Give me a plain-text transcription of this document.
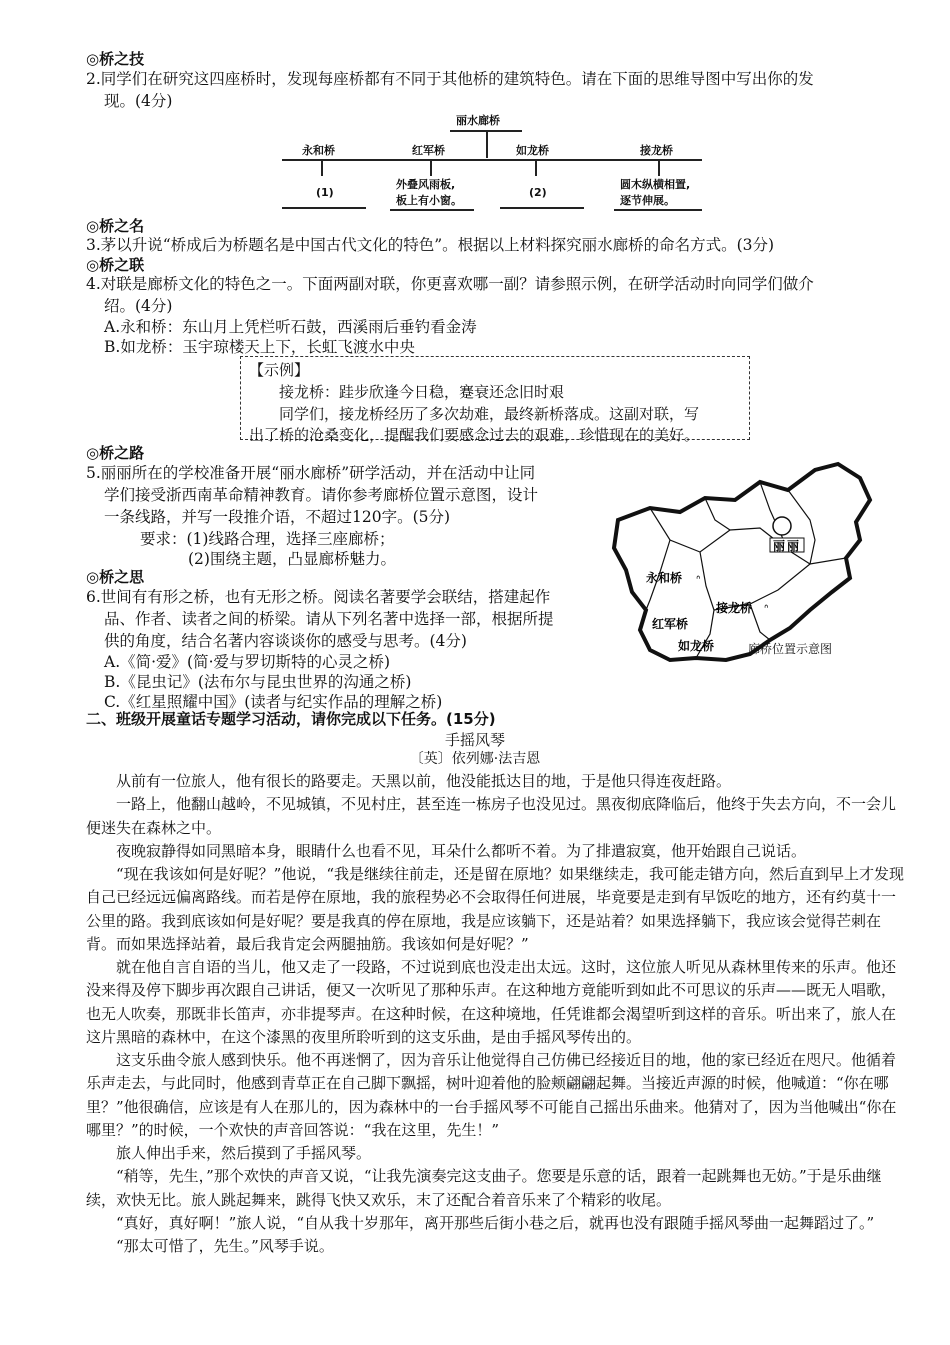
◎桥之技
2.同学们在研究这四座桥时，发现每座桥都有不同于其他桥的建筑特色。请在下面的思维导图中写出你的发
现。(4分)
丽水廊桥
永和桥	红军桥	如龙桥	接龙桥
(1)
外叠风雨板,
板上有小窗。
(2)
圆木纵横相置,
逐节伸展。
◎桥之名
3.茅以升说“桥成后为桥题名是中国古代文化的特色”。根据以上材料探究丽水廊桥的命名方式。(3分)
◎桥之联
4.对联是廊桥文化的特色之一。下面两副对联，你更喜欢哪一副？请参照示例，在研学活动时向同学们做介
绍。(4分)
A.永和桥：东山月上凭栏听石鼓，西溪雨后垂钓看金涛
B.如龙桥：玉宇琼楼天上下，长虹飞渡水中央
【示例】
接龙桥：跬步欣逢今日稳，蹇衰还念旧时艰
同学们，接龙桥经历了多次劫难，最终新桥落成。这副对联，写
出了桥的沧桑变化，提醒我们要感念过去的艰难，珍惜现在的美好。
◎桥之路
5.丽丽所在的学校准备开展“丽水廊桥”研学活动，并在活动中让同
学们接受浙西南革命精神教育。请你参考廊桥位置示意图，设计
一条线路，并写一段推介语，不超过120字。(5分)
要求：(1)线路合理，选择三座廊桥；
(2)围绕主题，凸显廊桥魅力。
◎桥之思
6.世间有有形之桥，也有无形之桥。阅读名著要学会联结，搭建起作
品、作者、读者之间的桥梁。请从下列名著中选择一部，根据所提
供的角度，结合名著内容谈谈你的感受与思考。(4分)
A.《简·爱》(简·爱与罗切斯特的心灵之桥)
B.《昆虫记》(法布尔与昆虫世界的沟通之桥)
C.《红星照耀中国》(读者与纪实作品的理解之桥)
丽 丽
永和桥 ᐢ
红军桥
接龙桥 ᐢ
如龙桥	廊桥位置示意图
二、班级开展童话专题学习活动，请你完成以下任务。(15分)
手摇风琴
〔英〕依列娜·法吉恩

从前有一位旅人，他有很长的路要走。天黑以前，他没能抵达目的地，于是他只得连夜赶路。

一路上，他翻山越岭，不见城镇，不见村庄，甚至连一栋房子也没见过。黑夜彻底降临后，他终于失去方向，不一会儿便迷失在森林之中。

夜晚寂静得如同黑暗本身，眼睛什么也看不见，耳朵什么都听不着。为了排遣寂寞，他开始跟自己说话。

“现在我该如何是好呢？”他说，“我是继续往前走，还是留在原地？如果继续走，我可能走错方向，然后直到早上才发现自己已经远远偏离路线。而若是停在原地，我的旅程势必不会取得任何进展，毕竟要是走到有早饭吃的地方，还有约莫十一公里的路。我到底该如何是好呢？要是我真的停在原地，我是应该躺下，还是站着？如果选择躺下，我应该会觉得芒刺在背。而如果选择站着，最后我肯定会两腿抽筋。我该如何是好呢？”

就在他自言自语的当儿，他又走了一段路，不过说到底也没走出太远。这时，这位旅人听见从森林里传来的乐声。他还没来得及停下脚步再次跟自己讲话，便又一次听见了那种乐声。在这种地方竟能听到如此不可思议的乐声——既无人唱歌，也无人吹奏，那既非长笛声，亦非提琴声。在这种时候，在这种境地，任凭谁都会渴望听到这样的音乐。听出来了，旅人在这片黑暗的森林中，在这个漆黑的夜里所聆听到的这支乐曲，是由手摇风琴传出的。

这支乐曲令旅人感到快乐。他不再迷惘了，因为音乐让他觉得自己仿佛已经接近目的地，他的家已经近在咫尺。他循着乐声走去，与此同时，他感到青草正在自己脚下飘摇，树叶迎着他的脸颊翩翩起舞。当接近声源的时候，他喊道：“你在哪里？”他很确信，应该是有人在那儿的，因为森林中的一台手摇风琴不可能自己摇出乐曲来。他猜对了，因为当他喊出“你在哪里？”的时候，一个欢快的声音回答说：“我在这里，先生！”

旅人伸出手来，然后摸到了手摇风琴。

“稍等，先生，”那个欢快的声音又说，“让我先演奏完这支曲子。您要是乐意的话，跟着一起跳舞也无妨。”于是乐曲继续，欢快无比。旅人跳起舞来，跳得飞快又欢乐，末了还配合着音乐来了个精彩的收尾。

“真好，真好啊！”旅人说，“自从我十岁那年，离开那些后街小巷之后，就再也没有跟随手摇风琴曲一起舞蹈过了。”

“那太可惜了，先生。”风琴手说。
